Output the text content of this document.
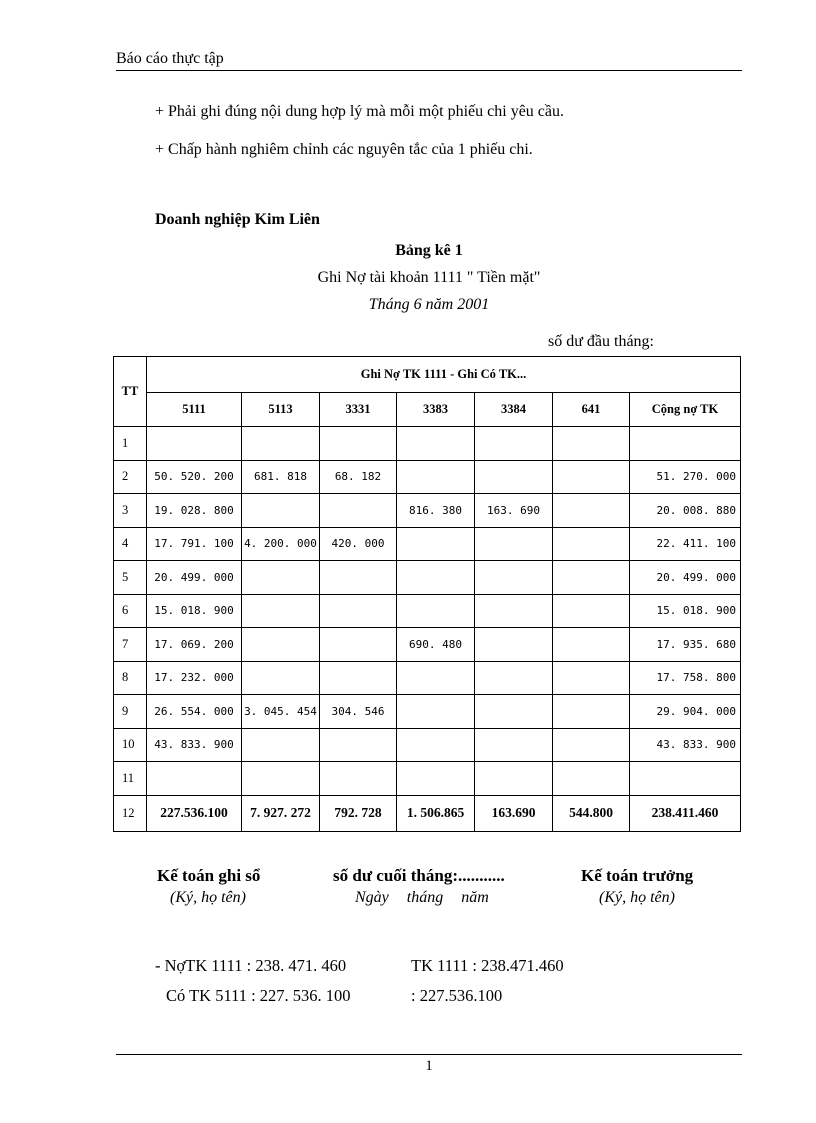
Báo cáo thực tập
+ Phải ghi đúng nội dung hợp lý mà mỗi một phiếu chi yêu cầu.
+ Chấp hành nghiêm chỉnh các nguyên tắc của 1 phiếu chi.
Doanh nghiệp Kim Liên
Bảng kê 1
Ghi Nợ tài khoản 1111 " Tiền mặt"
Tháng 6 năm 2001
số dư đầu tháng:
TT	Ghi Nợ TK 1111 - Ghi Có TK...						
	5111	5113	3331	3383	3384	641	Cộng nợ TK
1							
2	50. 520. 200	681. 818	68. 182				51. 270. 000
3	19. 028. 800			816. 380	163. 690		20. 008. 880
4	17. 791. 100	4. 200. 000	420. 000				22. 411. 100
5	20. 499. 000						20. 499. 000
6	15. 018. 900						15. 018. 900
7	17. 069. 200			690. 480			17. 935. 680
8	17. 232. 000						17. 758. 800
9	26. 554. 000	3. 045. 454	304. 546				29. 904. 000
10	43. 833. 900						43. 833. 900
11							
12	227.536.100	7. 927. 272	792. 728	1. 506.865	163.690	544.800	238.411.460
Kế toán ghi sổ	số dư cuối tháng:...........	Kế toán trưởng
(Ký, họ tên)	Ngày tháng năm	(Ký, họ tên)
- NợTK 1111 : 238. 471. 460	TK 1111 : 238.471.460
Có TK 5111 : 227. 536. 100	: 227.536.100
1
